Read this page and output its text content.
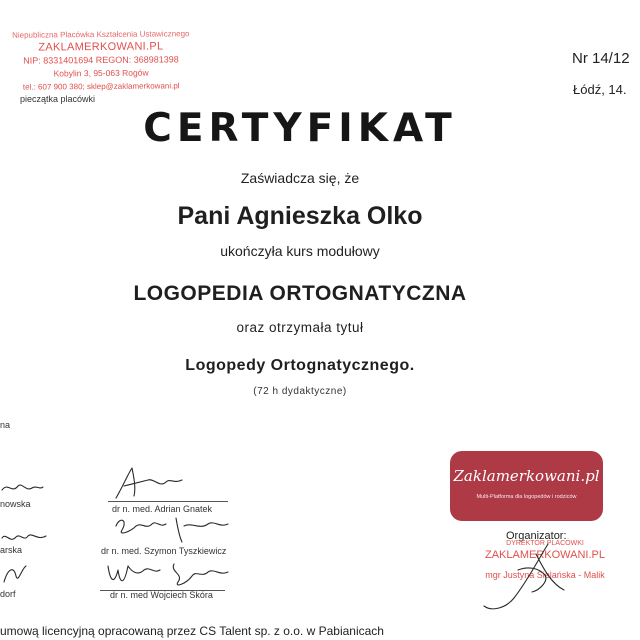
Niepubliczna Placówka Kształcenia Ustawicznego
ZAKLAMERKOWANI.PL
NIP: 8331401694 REGON: 368981398
Kobylin 3, 95-063 Rogów
tel.: 607 900 380; sklep@zaklamerkowani.pl
pieczątka placówki
Nr 14/12
Łódź, 14.
CERTYFIKAT
Zaświadcza się, że
Pani Agnieszka Olko
ukończyła kurs modułowy
LOGOPEDIA ORTOGNATYCZNA
oraz otrzymała tytuł
Logopedy Ortognatycznego.
(72 h dydaktyczne)
na
nowska
arska
dorf
dr n. med. Adrian Gnatek
dr n. med. Szymon Tyszkiewicz
dr n. med Wojciech Skóra
Zaklamerkowani.pl
Multi-Platforma dla logopedów i rodziców
Organizator:
DYREKTOR PLACÓWKI
ZAKLAMERKOWANI.PL
mgr Justyna Sielańska - Malik
umową licencyjną opracowaną przez CS Talent sp. z o.o. w Pabianicach
